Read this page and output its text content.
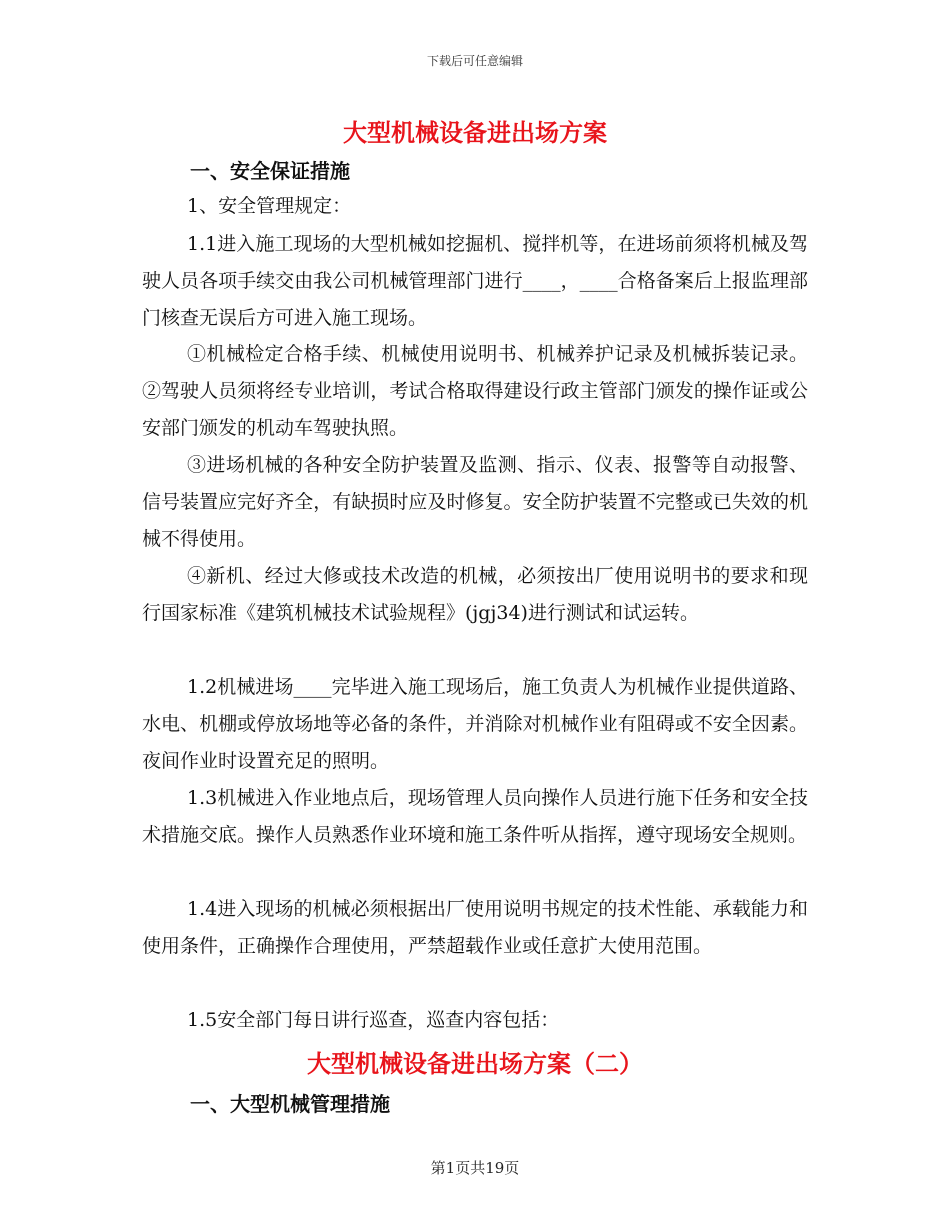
下载后可任意编辑
大型机械设备进出场方案
一、安全保证措施

1、安全管理规定：

1.1进入施工现场的大型机械如挖掘机、搅拌机等，在进场前须将机械及驾驶人员各项手续交由我公司机械管理部门进行____，____合格备案后上报监理部门核查无误后方可进入施工现场。

①机械检定合格手续、机械使用说明书、机械养护记录及机械拆装记录。②驾驶人员须将经专业培训，考试合格取得建设行政主管部门颁发的操作证或公安部门颁发的机动车驾驶执照。

③进场机械的各种安全防护装置及监测、指示、仪表、报警等自动报警、信号装置应完好齐全，有缺损时应及时修复。安全防护装置不完整或已失效的机械不得使用。

④新机、经过大修或技术改造的机械，必须按出厂使用说明书的要求和现行国家标准《建筑机械技术试验规程》(jgj34)进行测试和试运转。

1.2机械进场____完毕进入施工现场后，施工负责人为机械作业提供道路、水电、机棚或停放场地等必备的条件，并消除对机械作业有阻碍或不安全因素。夜间作业时设置充足的照明。

1.3机械进入作业地点后，现场管理人员向操作人员进行施下任务和安全技术措施交底。操作人员熟悉作业环境和施工条件听从指挥，遵守现场安全规则。

1.4进入现场的机械必须根据出厂使用说明书规定的技术性能、承载能力和使用条件，正确操作合理使用，严禁超载作业或任意扩大使用范围。

1.5安全部门每日讲行巡查，巡查内容包括：

大型机械设备进出场方案（二）
一、大型机械管理措施
第1页共19页
